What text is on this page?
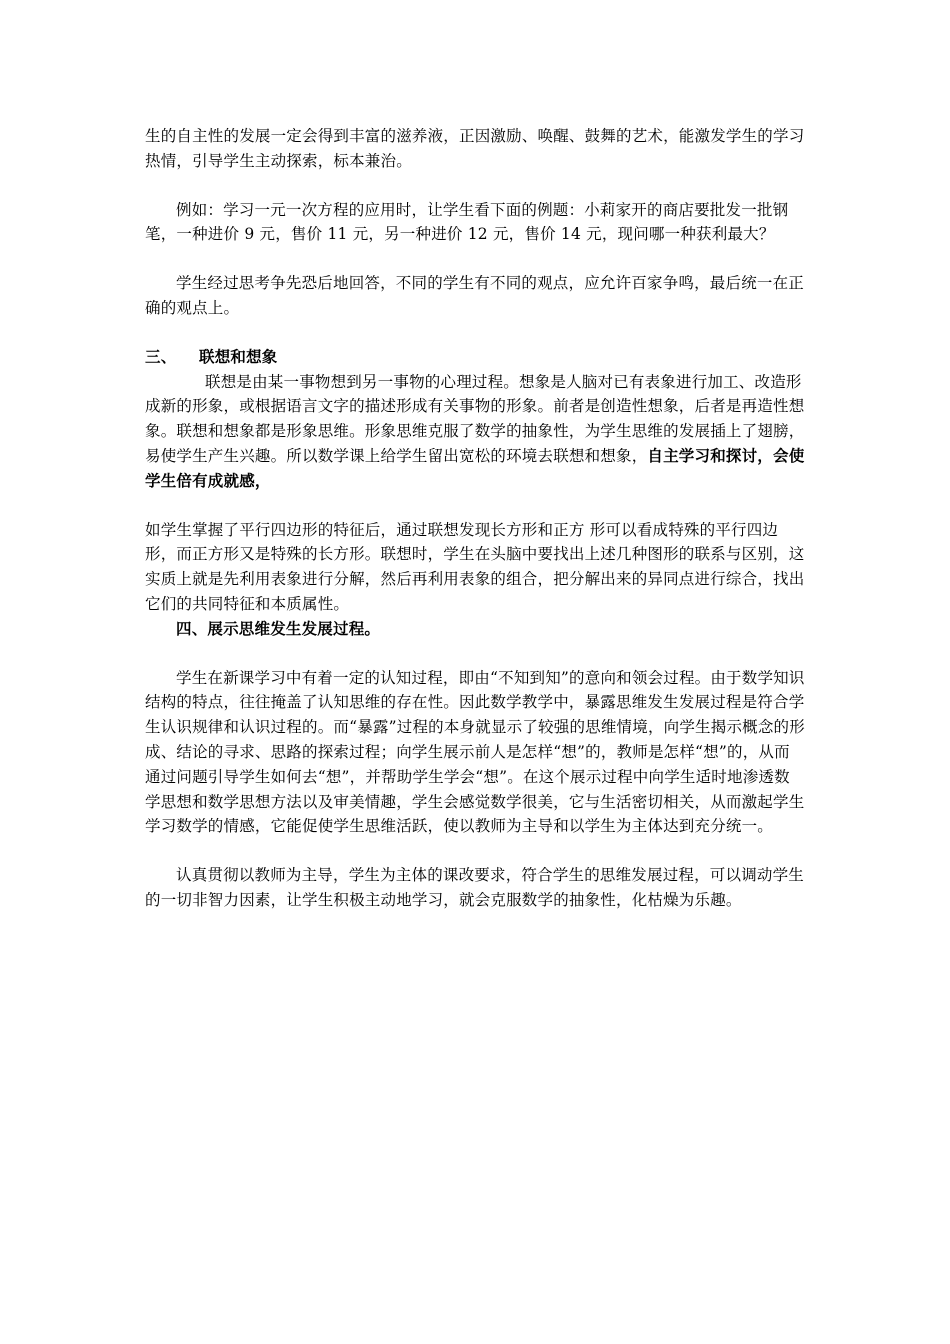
生的自主性的发展一定会得到丰富的滋养液，正因激励、唤醒、鼓舞的艺术，能激发学生的学习热情，引导学生主动探索，标本兼治。

例如：学习一元一次方程的应用时，让学生看下面的例题：小莉家开的商店要批发一批钢笔，一种进价 9 元，售价 11 元，另一种进价 12 元，售价 14 元，现问哪一种获利最大？

学生经过思考争先恐后地回答，不同的学生有不同的观点，应允许百家争鸣，最后统一在正确的观点上。

三、 联想和想象

联想是由某一事物想到另一事物的心理过程。想象是人脑对已有表象进行加工、改造形成新的形象，或根据语言文字的描述形成有关事物的形象。前者是创造性想象，后者是再造性想象。联想和想象都是形象思维。形象思维克服了数学的抽象性，为学生思维的发展插上了翅膀，易使学生产生兴趣。所以数学课上给学生留出宽松的环境去联想和想象，自主学习和探讨，会使学生倍有成就感，

如学生掌握了平行四边形的特征后，通过联想发现长方形和正方 形可以看成特殊的平行四边形，而正方形又是特殊的长方形。联想时，学生在头脑中要找出上述几种图形的联系与区别，这实质上就是先利用表象进行分解，然后再利用表象的组合，把分解出来的异同点进行综合，找出它们的共同特征和本质属性。

四、展示思维发生发展过程。

学生在新课学习中有着一定的认知过程，即由“不知到知”的意向和领会过程。由于数学知识结构的特点，往往掩盖了认知思维的存在性。因此数学教学中，暴露思维发生发展过程是符合学生认识规律和认识过程的。而“暴露”过程的本身就显示了较强的思维情境，向学生揭示概念的形成、结论的寻求、思路的探索过程；向学生展示前人是怎样“想”的，教师是怎样“想”的，从而通过问题引导学生如何去“想”，并帮助学生学会“想”。在这个展示过程中向学生适时地渗透数学思想和数学思想方法以及审美情趣，学生会感觉数学很美，它与生活密切相关，从而激起学生学习数学的情感，它能促使学生思维活跃，使以教师为主导和以学生为主体达到充分统一。

认真贯彻以教师为主导，学生为主体的课改要求，符合学生的思维发展过程，可以调动学生的一切非智力因素，让学生积极主动地学习，就会克服数学的抽象性，化枯燥为乐趣。
